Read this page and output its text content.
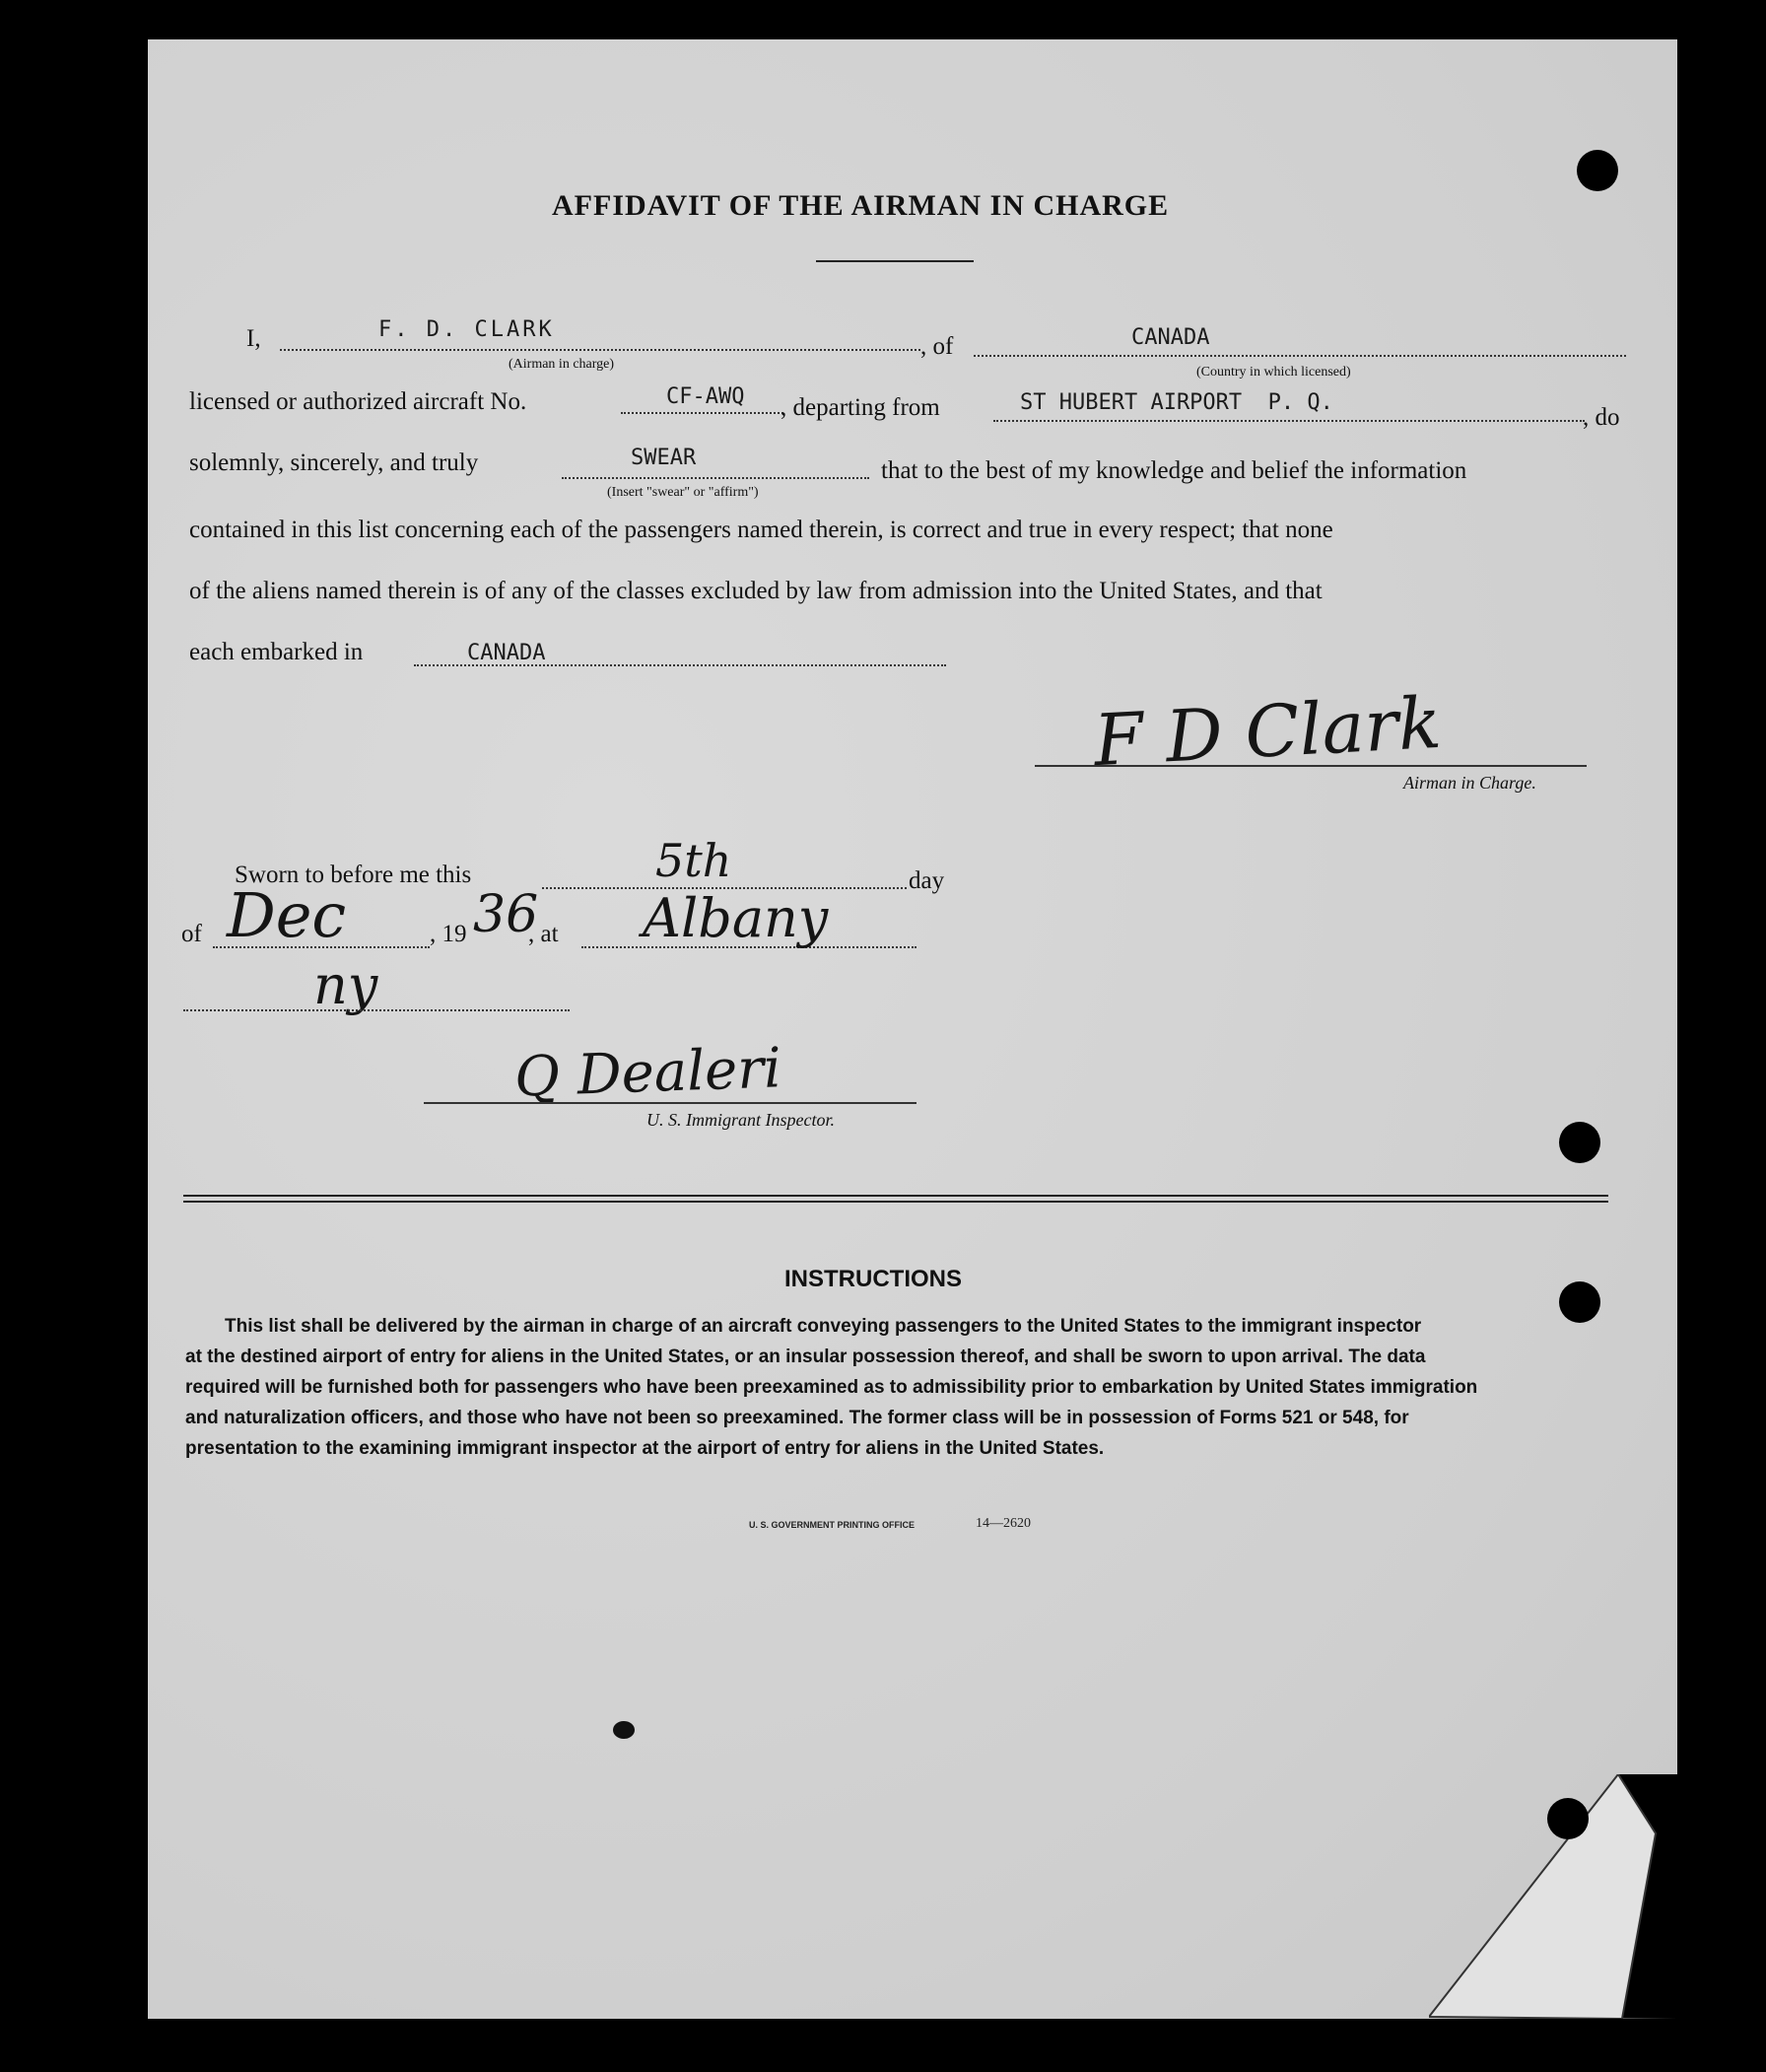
AFFIDAVIT OF THE AIRMAN IN CHARGE
I,	F. D. CLARK
(Airman in charge)
, of	CANADA
(Country in which licensed)
licensed or authorized aircraft No.	CF-AWQ , departing from	ST HUBERT AIRPORT  P. Q.
, do
solemnly, sincerely, and truly	SWEAR
(Insert "swear" or "affirm")
that to the best of my knowledge and belief the information
contained in this list concerning each of the passengers named therein, is correct and true in every respect; that none
of the aliens named therein is of any of the classes excluded by law from admission into the United States, and that
each embarked in	CANADA
F D Clark
Airman in Charge.
Sworn to before me this	5th	day
of Dec	, 19 36
, at Albany
ny
Q Dealeri
U. S. Immigrant Inspector.
INSTRUCTIONS
This list shall be delivered by the airman in charge of an aircraft conveying passengers to the United States to the immigrant inspector
at the destined airport of entry for aliens in the United States, or an insular possession thereof, and shall be sworn to upon arrival. The data
required will be furnished both for passengers who have been preexamined as to admissibility prior to embarkation by United States immigration
and naturalization officers, and those who have not been so preexamined. The former class will be in possession of Forms 521 or 548, for
presentation to the examining immigrant inspector at the airport of entry for aliens in the United States.
U. S. GOVERNMENT PRINTING OFFICE	14—2620
